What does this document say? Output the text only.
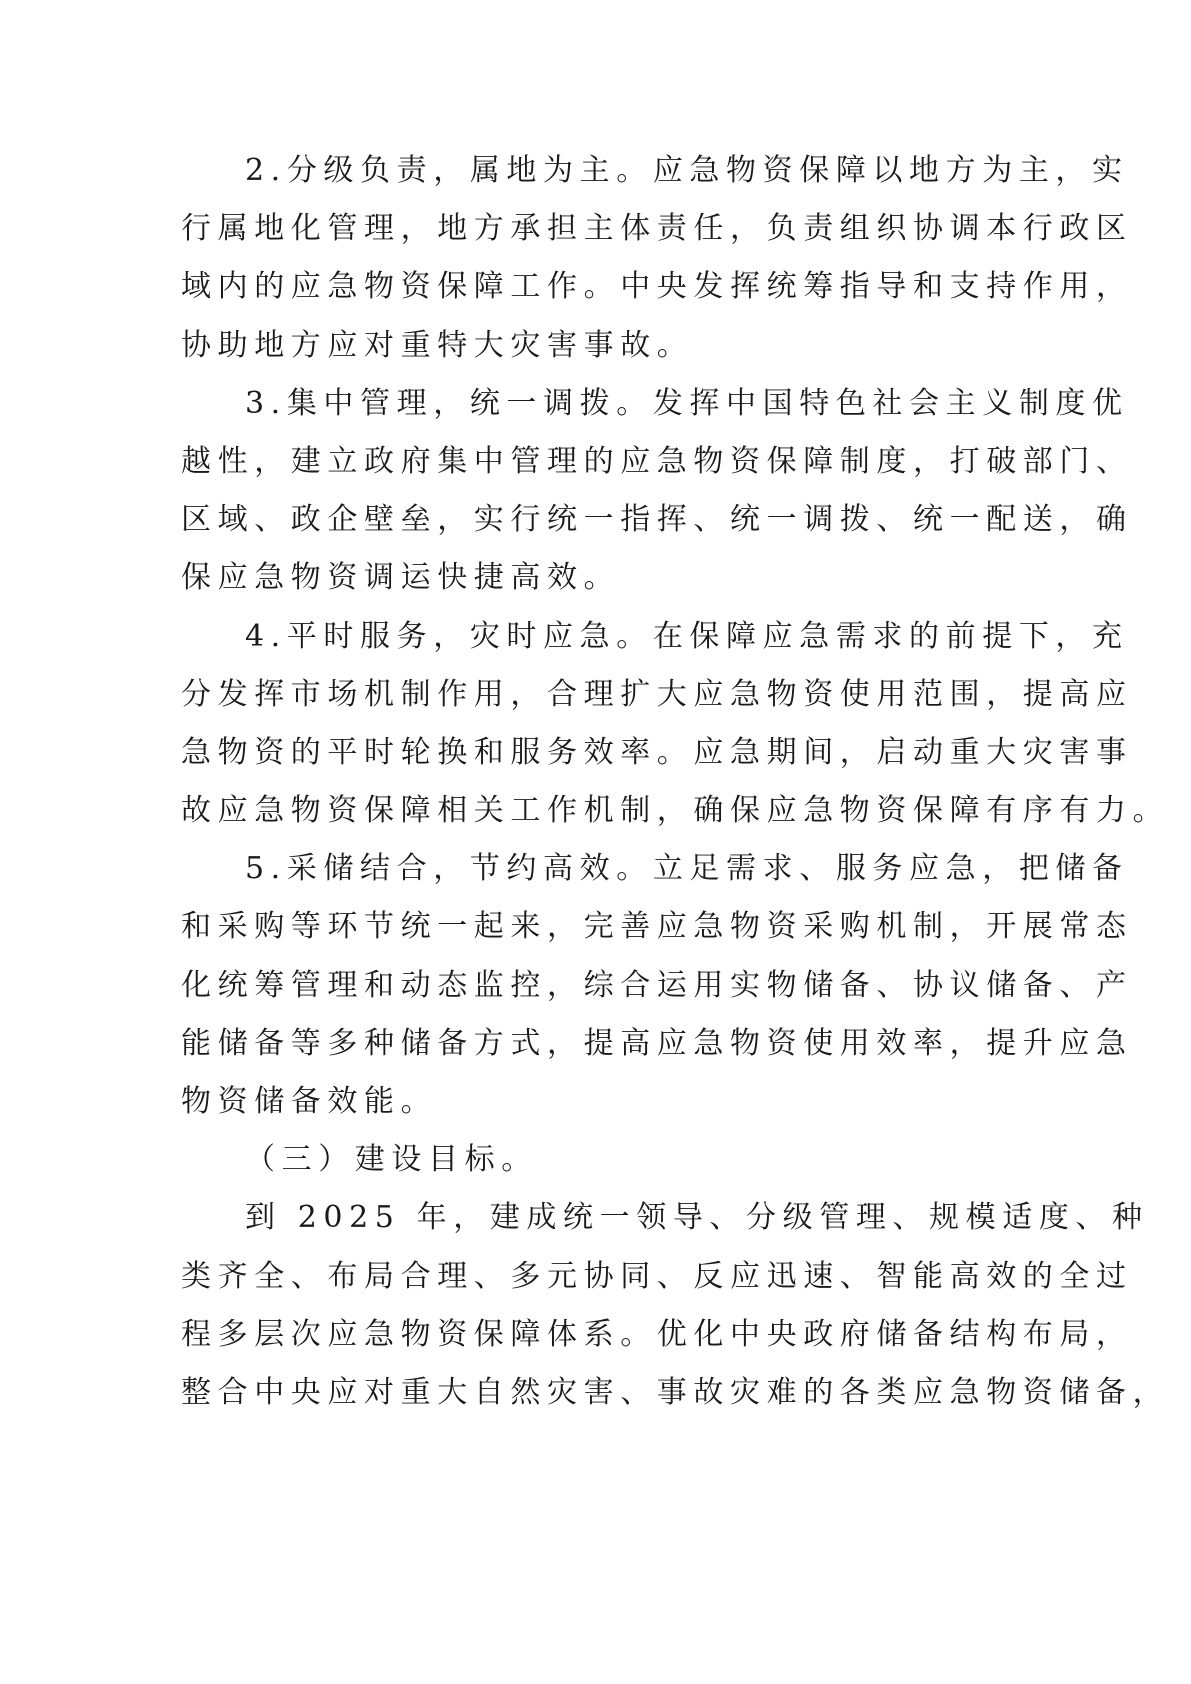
2.分级负责，属地为主。应急物资保障以地方为主，实
行属地化管理，地方承担主体责任，负责组织协调本行政区
域内的应急物资保障工作。中央发挥统筹指导和支持作用，
协助地方应对重特大灾害事故。
3.集中管理，统一调拨。发挥中国特色社会主义制度优
越性，建立政府集中管理的应急物资保障制度，打破部门、
区域、政企壁垒，实行统一指挥、统一调拨、统一配送，确
保应急物资调运快捷高效。
4.平时服务，灾时应急。在保障应急需求的前提下，充
分发挥市场机制作用，合理扩大应急物资使用范围，提高应
急物资的平时轮换和服务效率。应急期间，启动重大灾害事
故应急物资保障相关工作机制，确保应急物资保障有序有力。
5.采储结合，节约高效。立足需求、服务应急，把储备
和采购等环节统一起来，完善应急物资采购机制，开展常态
化统筹管理和动态监控，综合运用实物储备、协议储备、产
能储备等多种储备方式，提高应急物资使用效率，提升应急
物资储备效能。
（三）建设目标。
到 2025 年，建成统一领导、分级管理、规模适度、种
类齐全、布局合理、多元协同、反应迅速、智能高效的全过
程多层次应急物资保障体系。优化中央政府储备结构布局，
整合中央应对重大自然灾害、事故灾难的各类应急物资储备，
